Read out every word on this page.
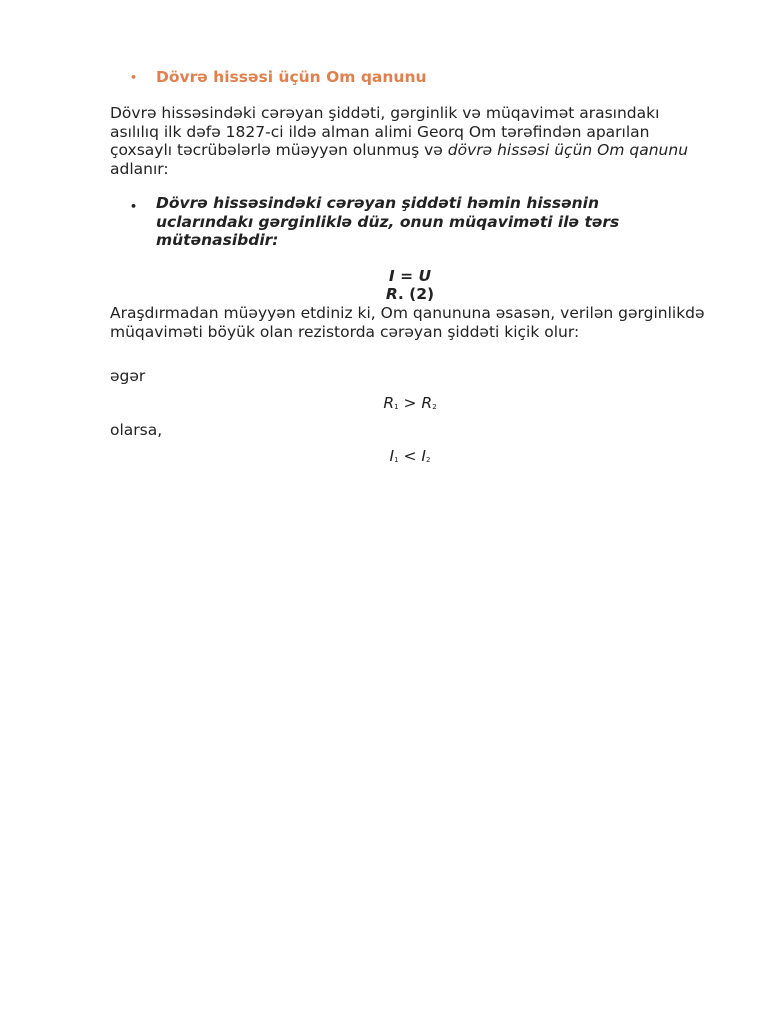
• Dövrə hissəsi üçün Om qanunu
Dövrə hissəsindəki cərəyan şiddəti, gərginlik və müqavimət arasındakı asılılıq ilk dəfə 1827-ci ildə alman alimi Georq Om tərəfindən aparılan çoxsaylı təcrübələrlə müəyyən olunmuş və dövrə hissəsi üçün Om qanunu adlanır:
• Dövrə hissəsindəki cərəyan şiddəti həmin hissənin uclarındakı gərginliklə düz, onun müqaviməti ilə tərs mütənasibdir:
I = U
R. (2)
Araşdırmadan müəyyən etdiniz ki, Om qanununa əsasən, verilən gərginlikdə müqaviməti böyük olan rezistorda cərəyan şiddəti kiçik olur:
əgər
$R_1 > R_2$
olarsa,
$I_1 < I_2$
